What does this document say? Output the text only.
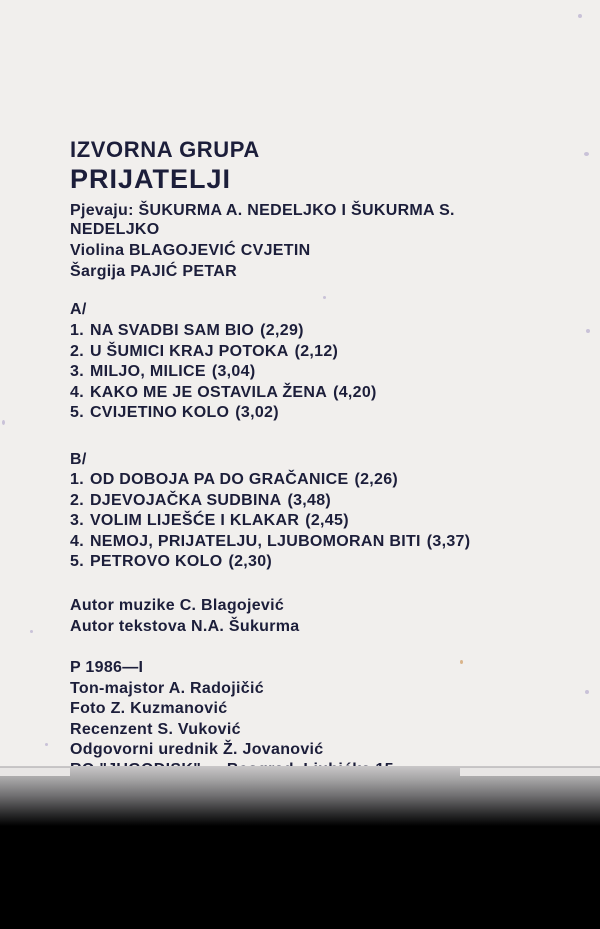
IZVORNA GRUPA
PRIJATELJI
Pjevaju: ŠUKURMA A. NEDELJKO I ŠUKURMA S.
NEDELJKO
Violina BLAGOJEVIĆ CVJETIN
Šargija PAJIĆ PETAR
A/
1. NA SVADBI SAM BIO (2,29)
2. U ŠUMICI KRAJ POTOKA (2,12)
3. MILJO, MILICE (3,04)
4. KAKO ME JE OSTAVILA ŽENA (4,20)
5. CVIJETINO KOLO (3,02)
B/
1. OD DOBOJA PA DO GRAČANICE (2,26)
2. DJEVOJAČKA SUDBINA (3,48)
3. VOLIM LIJEŠĆE I KLAKAR (2,45)
4. NEMOJ, PRIJATELJU, LJUBOMORAN BITI (3,37)
5. PETROVO KOLO (2,30)
Autor muzike C. Blagojević
Autor tekstova N.A. Šukurma
P 1986—I
Ton-majstor A. Radojičić
Foto Z. Kuzmanović
Recenzent S. Vuković
Odgovorni urednik Ž. Jovanović
